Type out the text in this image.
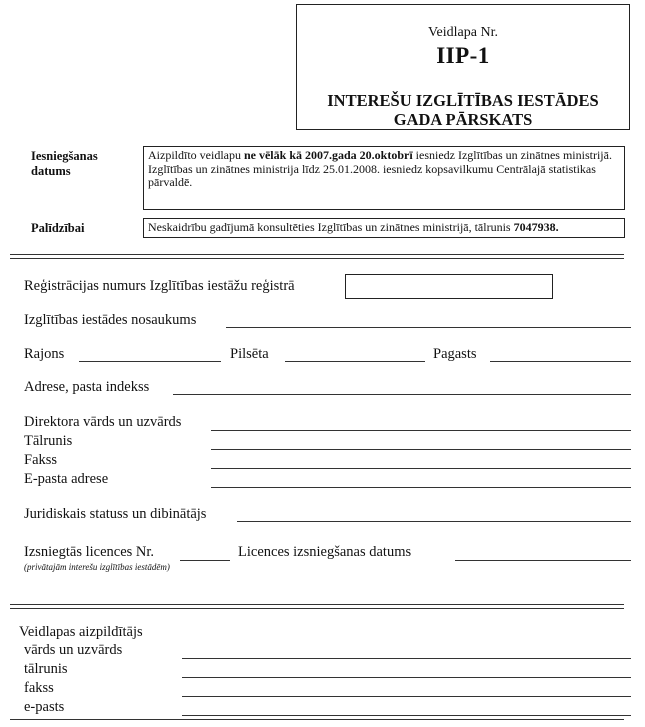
Veidlapa Nr.
IIP-1
INTEREŠU IZGLĪTĪBAS IESTĀDES
GADA PĀRSKATS
Iesniegšanas
datums
Aizpildīto veidlapu ne vēlāk kā 2007.gada 20.oktobrī iesniedz Izglītības un zinātnes ministrijā.
Izglītības un zinātnes ministrija līdz 25.01.2008. iesniedz kopsavilkumu Centrālajā statistikas pārvaldē.
Palīdzībai	Neskaidrību gadījumā konsultēties Izglītības un zinātnes ministrijā, tālrunis 7047938.
Reģistrācijas numurs Izglītības iestāžu reģistrā
Izglītības iestādes nosaukums
Rajons	Pilsēta	Pagasts
Adrese, pasta indekss
Direktora vārds un uzvārds
Tālrunis
Fakss
E-pasta adrese
Juridiskais statuss un dibinātājs
Izsniegtās licences Nr.	Licences izsniegšanas datums
(privātajām interešu izglītības iestādēm)
Veidlapas aizpildītājs
vārds un uzvārds
tālrunis
fakss
e-pasts
